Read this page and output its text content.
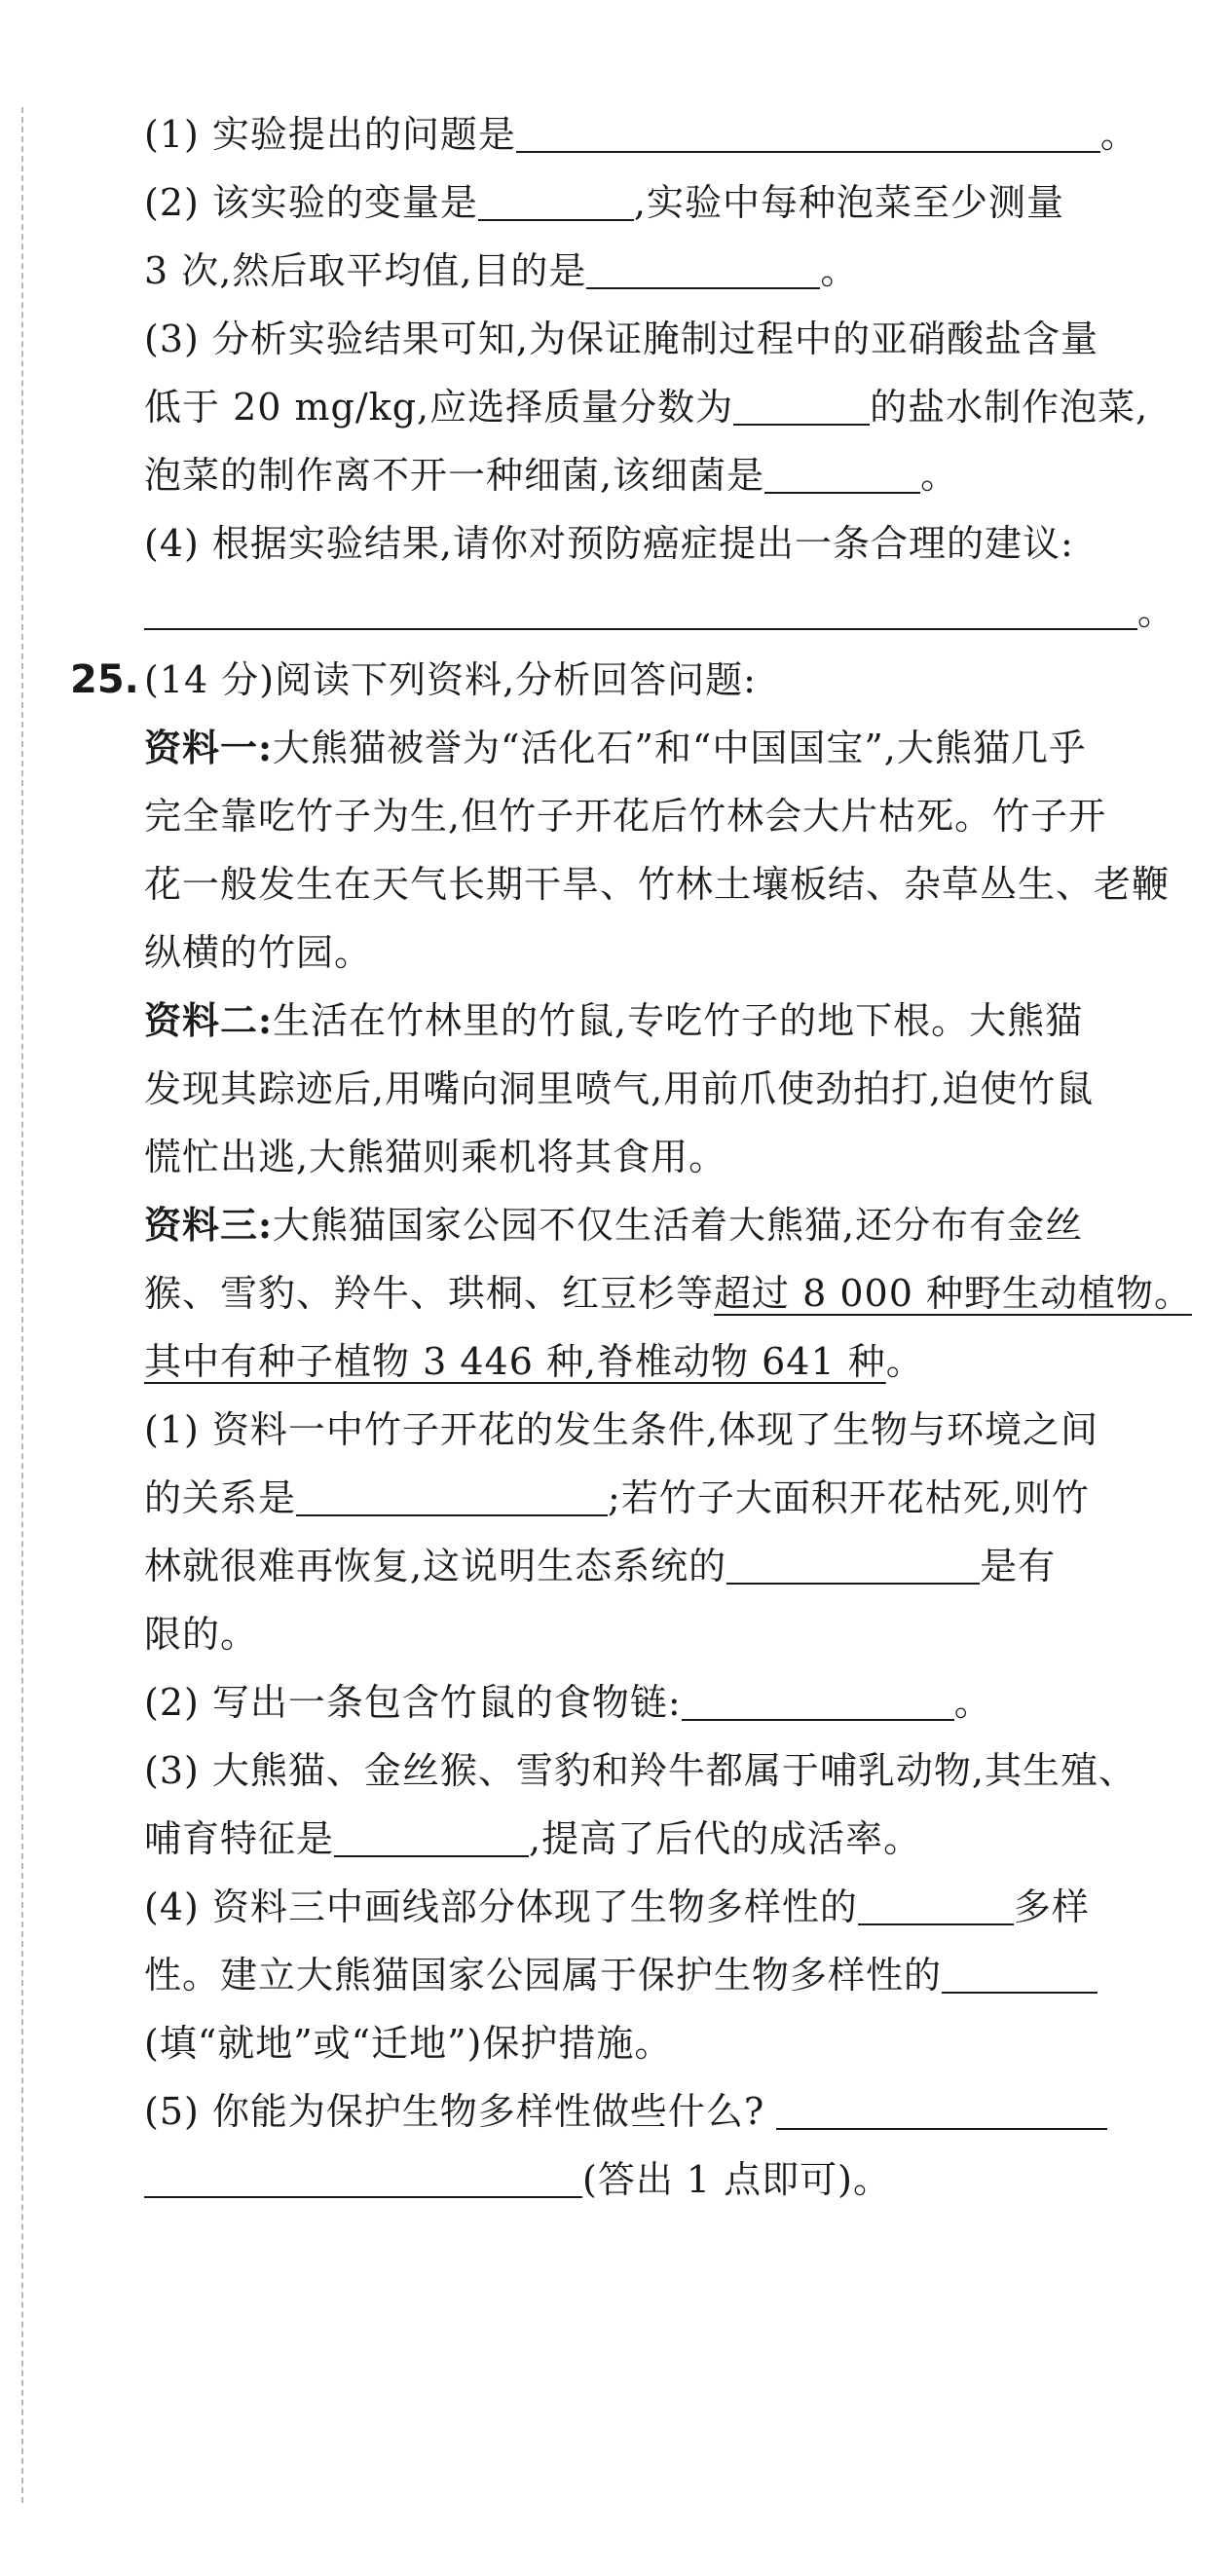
(1) 实验提出的问题是	。
(2) 该实验的变量是	,实验中每种泡菜至少测量
3 次,然后取平均值,目的是	。
(3) 分析实验结果可知,为保证腌制过程中的亚硝酸盐含量
低于 20 mg/kg,应选择质量分数为	的盐水制作泡菜,
泡菜的制作离不开一种细菌,该细菌是	。
(4) 根据实验结果,请你对预防癌症提出一条合理的建议:
。
25. (14 分)阅读下列资料,分析回答问题:
资料一:大熊猫被誉为“活化石”和“中国国宝”,大熊猫几乎
完全靠吃竹子为生,但竹子开花后竹林会大片枯死。竹子开
花一般发生在天气长期干旱、竹林土壤板结、杂草丛生、老鞭
纵横的竹园。
资料二:生活在竹林里的竹鼠,专吃竹子的地下根。大熊猫
发现其踪迹后,用嘴向洞里喷气,用前爪使劲拍打,迫使竹鼠
慌忙出逃,大熊猫则乘机将其食用。
资料三:大熊猫国家公园不仅生活着大熊猫,还分布有金丝
猴、雪豹、羚牛、珙桐、红豆杉等超过 8 000 种野生动植物。
其中有种子植物 3 446 种,脊椎动物 641 种。
(1) 资料一中竹子开花的发生条件,体现了生物与环境之间
的关系是	;若竹子大面积开花枯死,则竹
林就很难再恢复,这说明生态系统的	是有
限的。
(2) 写出一条包含竹鼠的食物链:	。
(3) 大熊猫、金丝猴、雪豹和羚牛都属于哺乳动物,其生殖、
哺育特征是	,提高了后代的成活率。
(4) 资料三中画线部分体现了生物多样性的	多样
性。建立大熊猫国家公园属于保护生物多样性的
(填“就地”或“迁地”)保护措施。
(5) 你能为保护生物多样性做些什么?
(答出 1 点即可)。
